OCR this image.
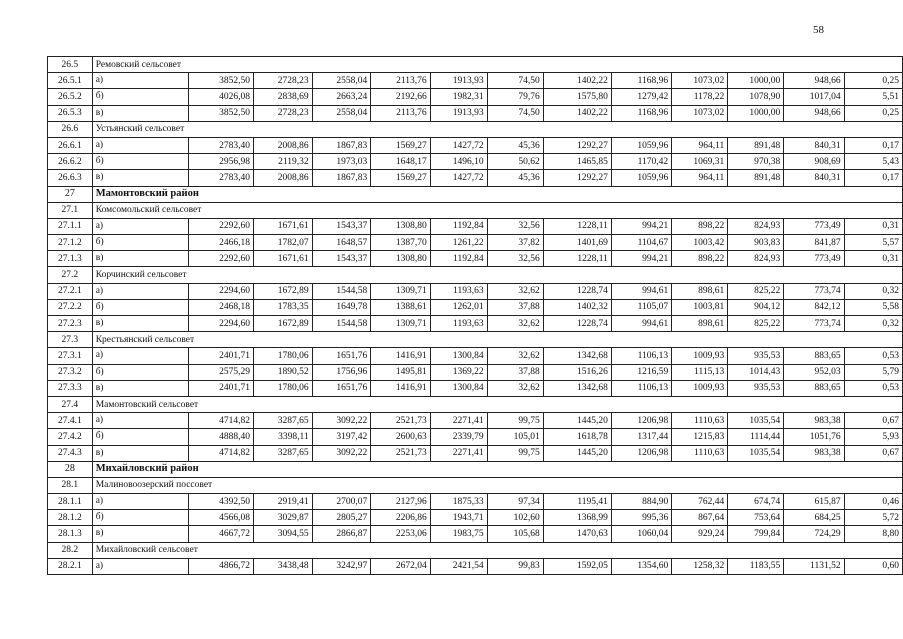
58
26.5	Ремовский сельсовет												
26.5.1	а)	3852,50	2728,23	2558,04	2113,76	1913,93	74,50	1402,22	1168,96	1073,02	1000,00	948,66	0,25
26.5.2	б)	4026,08	2838,69	2663,24	2192,66	1982,31	79,76	1575,80	1279,42	1178,22	1078,90	1017,04	5,51
26.5.3	в)	3852,50	2728,23	2558,04	2113,76	1913,93	74,50	1402,22	1168,96	1073,02	1000,00	948,66	0,25
26.6	Устьянский сельсовет												
26.6.1	а)	2783,40	2008,86	1867,83	1569,27	1427,72	45,36	1292,27	1059,96	964,11	891,48	840,31	0,17
26.6.2	б)	2956,98	2119,32	1973,03	1648,17	1496,10	50,62	1465,85	1170,42	1069,31	970,38	908,69	5,43
26.6.3	в)	2783,40	2008,86	1867,83	1569,27	1427,72	45,36	1292,27	1059,96	964,11	891,48	840,31	0,17
27	Мамонтовский район												
27.1	Комсомольский сельсовет												
27.1.1	а)	2292,60	1671,61	1543,37	1308,80	1192,84	32,56	1228,11	994,21	898,22	824,93	773,49	0,31
27.1.2	б)	2466,18	1782,07	1648,57	1387,70	1261,22	37,82	1401,69	1104,67	1003,42	903,83	841,87	5,57
27.1.3	в)	2292,60	1671,61	1543,37	1308,80	1192,84	32,56	1228,11	994,21	898,22	824,93	773,49	0,31
27.2	Корчинский сельсовет												
27.2.1	а)	2294,60	1672,89	1544,58	1309,71	1193,63	32,62	1228,74	994,61	898,61	825,22	773,74	0,32
27.2.2	б)	2468,18	1783,35	1649,78	1388,61	1262,01	37,88	1402,32	1105,07	1003,81	904,12	842,12	5,58
27.2.3	в)	2294,60	1672,89	1544,58	1309,71	1193,63	32,62	1228,74	994,61	898,61	825,22	773,74	0,32
27.3	Крестьянский сельсовет												
27.3.1	а)	2401,71	1780,06	1651,76	1416,91	1300,84	32,62	1342,68	1106,13	1009,93	935,53	883,65	0,53
27.3.2	б)	2575,29	1890,52	1756,96	1495,81	1369,22	37,88	1516,26	1216,59	1115,13	1014,43	952,03	5,79
27.3.3	в)	2401,71	1780,06	1651,76	1416,91	1300,84	32,62	1342,68	1106,13	1009,93	935,53	883,65	0,53
27.4	Мамонтовский сельсовет												
27.4.1	а)	4714,82	3287,65	3092,22	2521,73	2271,41	99,75	1445,20	1206,98	1110,63	1035,54	983,38	0,67
27.4.2	б)	4888,40	3398,11	3197,42	2600,63	2339,79	105,01	1618,78	1317,44	1215,83	1114,44	1051,76	5,93
27.4.3	в)	4714,82	3287,65	3092,22	2521,73	2271,41	99,75	1445,20	1206,98	1110,63	1035,54	983,38	0,67
28	Михайловский район												
28.1	Малиновоозерский поссовет												
28.1.1	а)	4392,50	2919,41	2700,07	2127,96	1875,33	97,34	1195,41	884,90	762,44	674,74	615,87	0,46
28.1.2	б)	4566,08	3029,87	2805,27	2206,86	1943,71	102,60	1368,99	995,36	867,64	753,64	684,25	5,72
28.1.3	в)	4667,72	3094,55	2866,87	2253,06	1983,75	105,68	1470,63	1060,04	929,24	799,84	724,29	8,80
28.2	Михайловский сельсовет												
28.2.1	а)	4866,72	3438,48	3242,97	2672,04	2421,54	99,83	1592,05	1354,60	1258,32	1183,55	1131,52	0,60
